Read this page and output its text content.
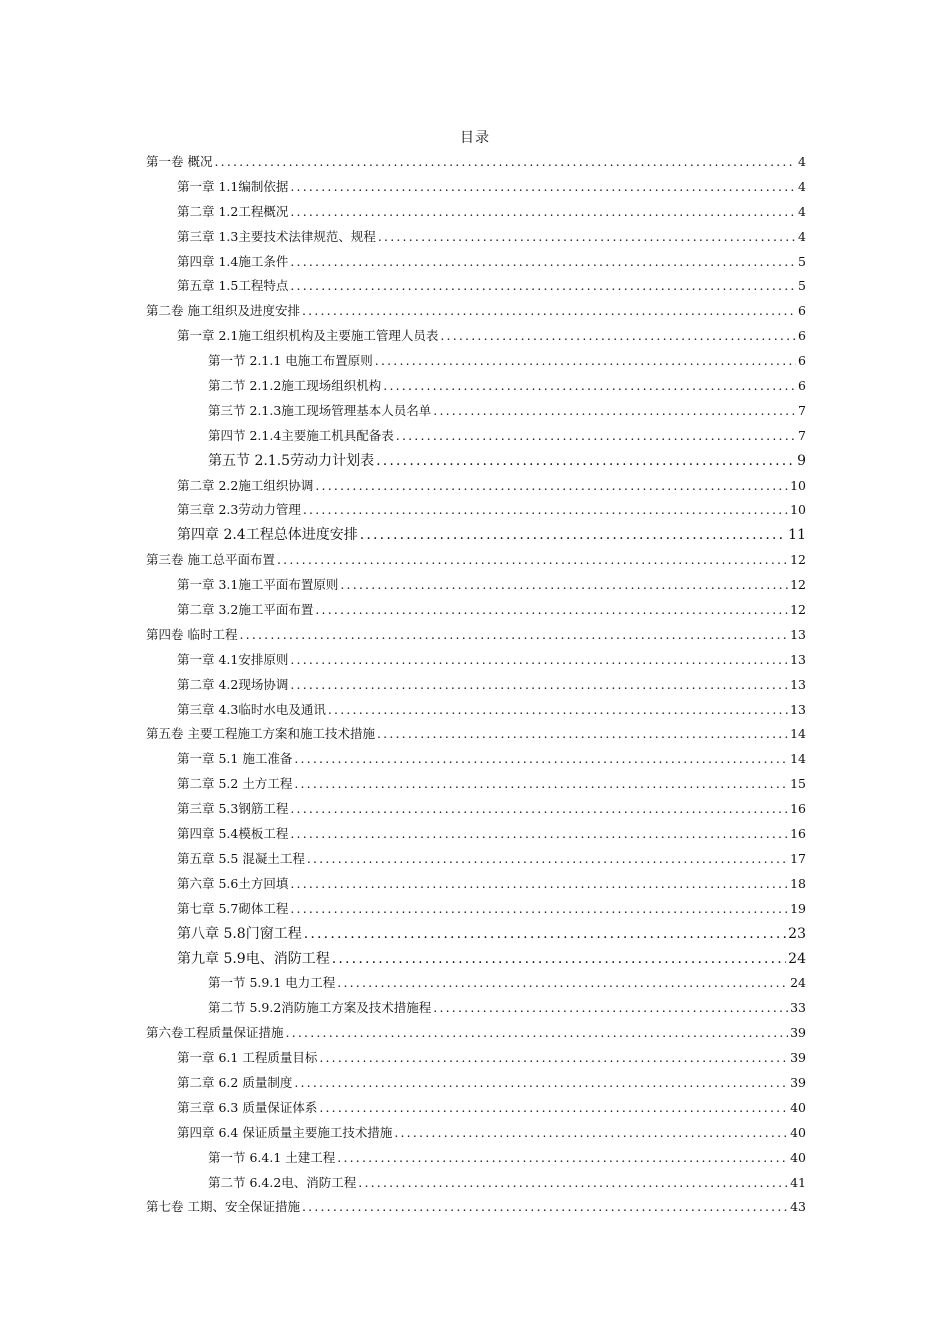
目录
第一卷 概况 .....	4
第一章 1.1编制依据 .....	4
第二章 1.2工程概况 .....	4
第三章 1.3主要技术法律规范、规程 .....	4
第四章 1.4施工条件 .....	5
第五章 1.5工程特点 .....	5
第二卷 施工组织及进度安排 .....	6
第一章 2.1施工组织机构及主要施工管理人员表 .....	6
第一节 2.1.1 电施工布置原则 .....	6
第二节 2.1.2施工现场组织机构 .....	6
第三节 2.1.3施工现场管理基本人员名单 .....	7
第四节 2.1.4主要施工机具配备表 .....	7
第五节 2.1.5劳动力计划表 .....	9
第二章 2.2施工组织协调 .....	10
第三章 2.3劳动力管理 .....	10
第四章 2.4工程总体进度安排 .....	11
第三卷 施工总平面布置 .....	12
第一章 3.1施工平面布置原则 .....	12
第二章 3.2施工平面布置 .....	12
第四卷 临时工程 .....	13
第一章 4.1安排原则 .....	13
第二章 4.2现场协调 .....	13
第三章 4.3临时水电及通讯 .....	13
第五卷 主要工程施工方案和施工技术措施 .....	14
第一章 5.1 施工准备 .....	14
第二章 5.2 土方工程 .....	15
第三章 5.3钢筋工程 .....	16
第四章 5.4模板工程 .....	16
第五章 5.5 混凝土工程 .....	17
第六章 5.6土方回填 .....	18
第七章 5.7砌体工程 .....	19
第八章 5.8门窗工程 .....	23
第九章 5.9电、消防工程 .....	24
第一节 5.9.1 电力工程 .....	24
第二节 5.9.2消防施工方案及技术措施程 .....	33
第六卷工程质量保证措施 .....	39
第一章 6.1 工程质量目标 .....	39
第二章 6.2 质量制度 .....	39
第三章 6.3 质量保证体系 .....	40
第四章 6.4 保证质量主要施工技术措施 .....	40
第一节 6.4.1 土建工程 .....	40
第二节 6.4.2电、消防工程 .....	41
第七卷 工期、安全保证措施 .....	43
